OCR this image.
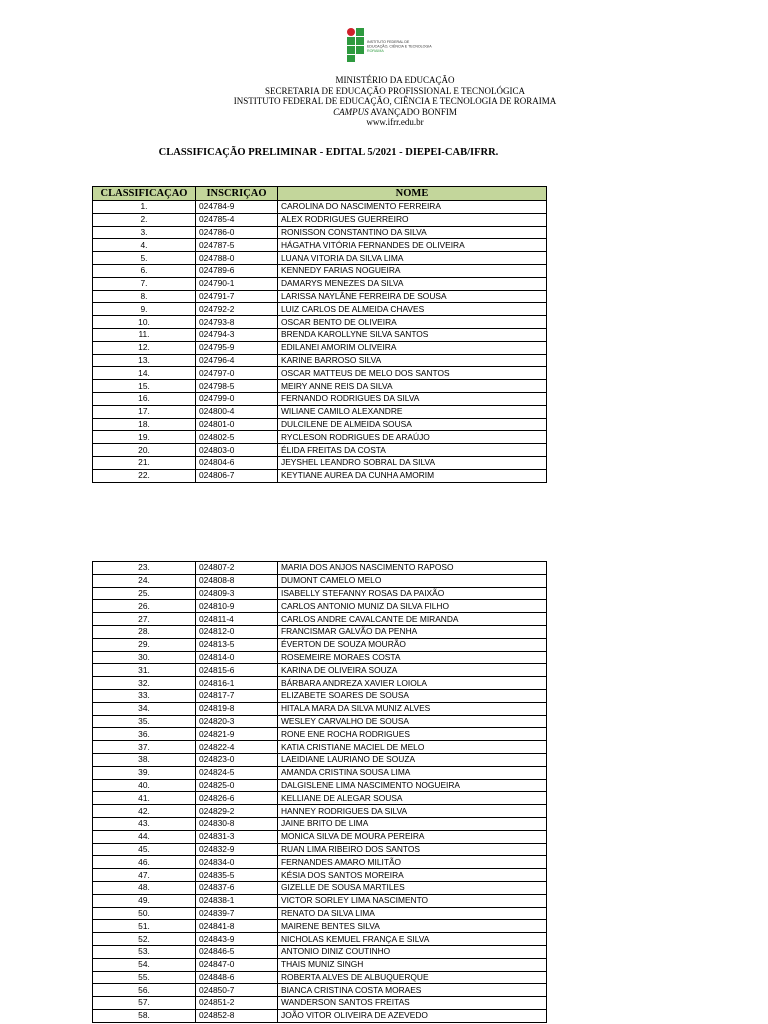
INSTITUTO FEDERAL DE
EDUCAÇÃO, CIÊNCIA E TECNOLOGIA
RORAIMA
MINISTÉRIO DA EDUCAÇÃO
SECRETARIA DE EDUCAÇÃO PROFISSIONAL E TECNOLÓGICA
INSTITUTO FEDERAL DE EDUCAÇÃO, CIÊNCIA E TECNOLOGIA DE RORAIMA
CAMPUS AVANÇADO BONFIM
www.ifrr.edu.br
CLASSIFICAÇÃO PRELIMINAR - EDITAL 5/2021 - DIEPEI-CAB/IFRR.
CLASSIFICAÇAO	INSCRIÇAO	NOME
1.	024784-9	CAROLINA DO NASCIMENTO FERREIRA
2.	024785-4	ALEX RODRIGUES GUERREIRO
3.	024786-0	RONISSON CONSTANTINO DA SILVA
4.	024787-5	HÁGATHA VITÓRIA FERNANDES DE OLIVEIRA
5.	024788-0	LUANA VITORIA DA SILVA LIMA
6.	024789-6	KENNEDY FARIAS NOGUEIRA
7.	024790-1	DAMARYS MENEZES DA SILVA
8.	024791-7	LARISSA NAYLÂNE FERREIRA DE SOUSA
9.	024792-2	LUIZ CARLOS DE ALMEIDA CHAVES
10.	024793-8	OSCAR BENTO DE OLIVEIRA
11.	024794-3	BRENDA KAROLLYNE SILVA SANTOS
12.	024795-9	EDILANEI AMORIM OLIVEIRA
13.	024796-4	KARINE BARROSO SILVA
14.	024797-0	OSCAR MATTEUS DE MELO DOS SANTOS
15.	024798-5	MEIRY ANNE REIS DA SILVA
16.	024799-0	FERNANDO RODRIGUES DA SILVA
17.	024800-4	WILIANE CAMILO ALEXANDRE
18.	024801-0	DULCILENE DE ALMEIDA SOUSA
19.	024802-5	RYCLESON RODRIGUES DE ARAÚJO
20.	024803-0	ÉLIDA FREITAS DA COSTA
21.	024804-6	JEYSHEL LEANDRO SOBRAL DA SILVA
22.	024806-7	KEYTIANE AUREA DA CUNHA AMORIM
23.	024807-2	MARIA DOS ANJOS NASCIMENTO RAPOSO
24.	024808-8	DUMONT CAMELO MELO
25.	024809-3	ISABELLY STEFANNY ROSAS DA PAIXÃO
26.	024810-9	CARLOS ANTONIO MUNIZ DA SILVA FILHO
27.	024811-4	CARLOS ANDRE CAVALCANTE DE MIRANDA
28.	024812-0	FRANCISMAR GALVÃO DA PENHA
29.	024813-5	ÉVERTON DE SOUZA MOURÃO
30.	024814-0	ROSEMEIRE MORAES COSTA
31.	024815-6	KARINA DE OLIVEIRA SOUZA
32.	024816-1	BÁRBARA ANDREZA XAVIER LOIOLA
33.	024817-7	ELIZABETE SOARES DE SOUSA
34.	024819-8	HITALA MARA DA SILVA MUNIZ ALVES
35.	024820-3	WESLEY CARVALHO DE SOUSA
36.	024821-9	RONE ENE ROCHA RODRIGUES
37.	024822-4	KATIA CRISTIANE MACIEL DE MELO
38.	024823-0	LAEIDIANE LAURIANO DE SOUZA
39.	024824-5	AMANDA CRISTINA SOUSA LIMA
40.	024825-0	DALGISLENE LIMA NASCIMENTO NOGUEIRA
41.	024826-6	KELLIANE DE ALEGAR SOUSA
42.	024829-2	HANNEY RODRIGUES DA SILVA
43.	024830-8	JAINE BRITO DE LIMA
44.	024831-3	MONICA SILVA DE MOURA PEREIRA
45.	024832-9	RUAN LIMA RIBEIRO DOS SANTOS
46.	024834-0	FERNANDES AMARO MILITÃO
47.	024835-5	KÉSIA DOS SANTOS MOREIRA
48.	024837-6	GIZELLE DE SOUSA MARTILES
49.	024838-1	VICTOR SORLEY LIMA NASCIMENTO
50.	024839-7	RENATO DA SILVA LIMA
51.	024841-8	MAIRENE BENTES SILVA
52.	024843-9	NICHOLAS KEMUEL FRANÇA E SILVA
53.	024846-5	ANTONIO DINIZ COUTINHO
54.	024847-0	THAIS MUNIZ SINGH
55.	024848-6	ROBERTA ALVES DE ALBUQUERQUE
56.	024850-7	BIANCA CRISTINA COSTA MORAES
57.	024851-2	WANDERSON SANTOS FREITAS
58.	024852-8	JOÃO VITOR OLIVEIRA DE AZEVEDO
